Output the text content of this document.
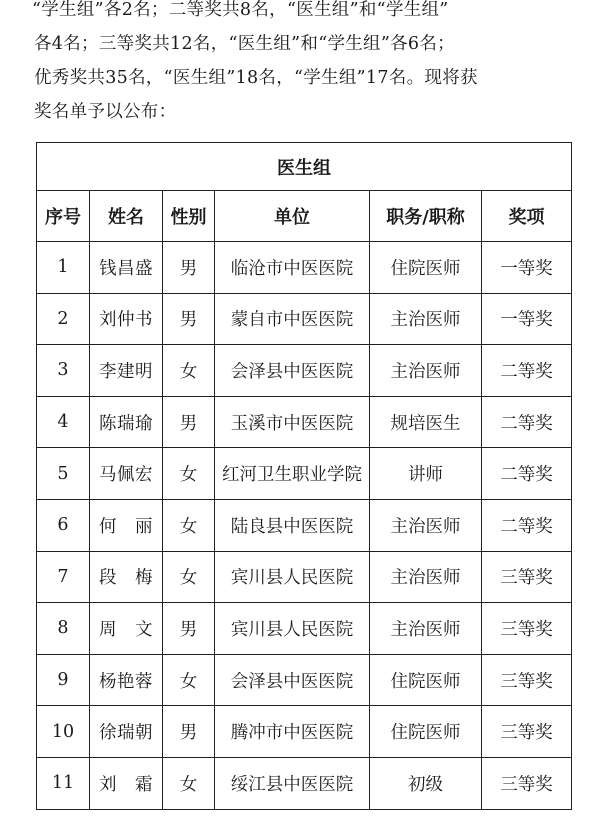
“学生组”各2名；二等奖共8名，“医生组”和“学生组”
各4名；三等奖共12名，“医生组”和“学生组”各6名；
优秀奖共35名，“医生组”18名，“学生组”17名。现将获
奖名单予以公布：
医生组					
序号	姓名	性别	单位	职务/职称	奖项
1	钱昌盛	男	临沧市中医医院	住院医师	一等奖
2	刘仲书	男	蒙自市中医医院	主治医师	一等奖
3	李建明	女	会泽县中医医院	主治医师	二等奖
4	陈瑞瑜	男	玉溪市中医医院	规培医生	二等奖
5	马佩宏	女	红河卫生职业学院	讲师	二等奖
6	何　丽	女	陆良县中医医院	主治医师	二等奖
7	段　梅	女	宾川县人民医院	主治医师	三等奖
8	周　文	男	宾川县人民医院	主治医师	三等奖
9	杨艳蓉	女	会泽县中医医院	住院医师	三等奖
10	徐瑞朝	男	腾冲市中医医院	住院医师	三等奖
11	刘　霜	女	绥江县中医医院	初级	三等奖
